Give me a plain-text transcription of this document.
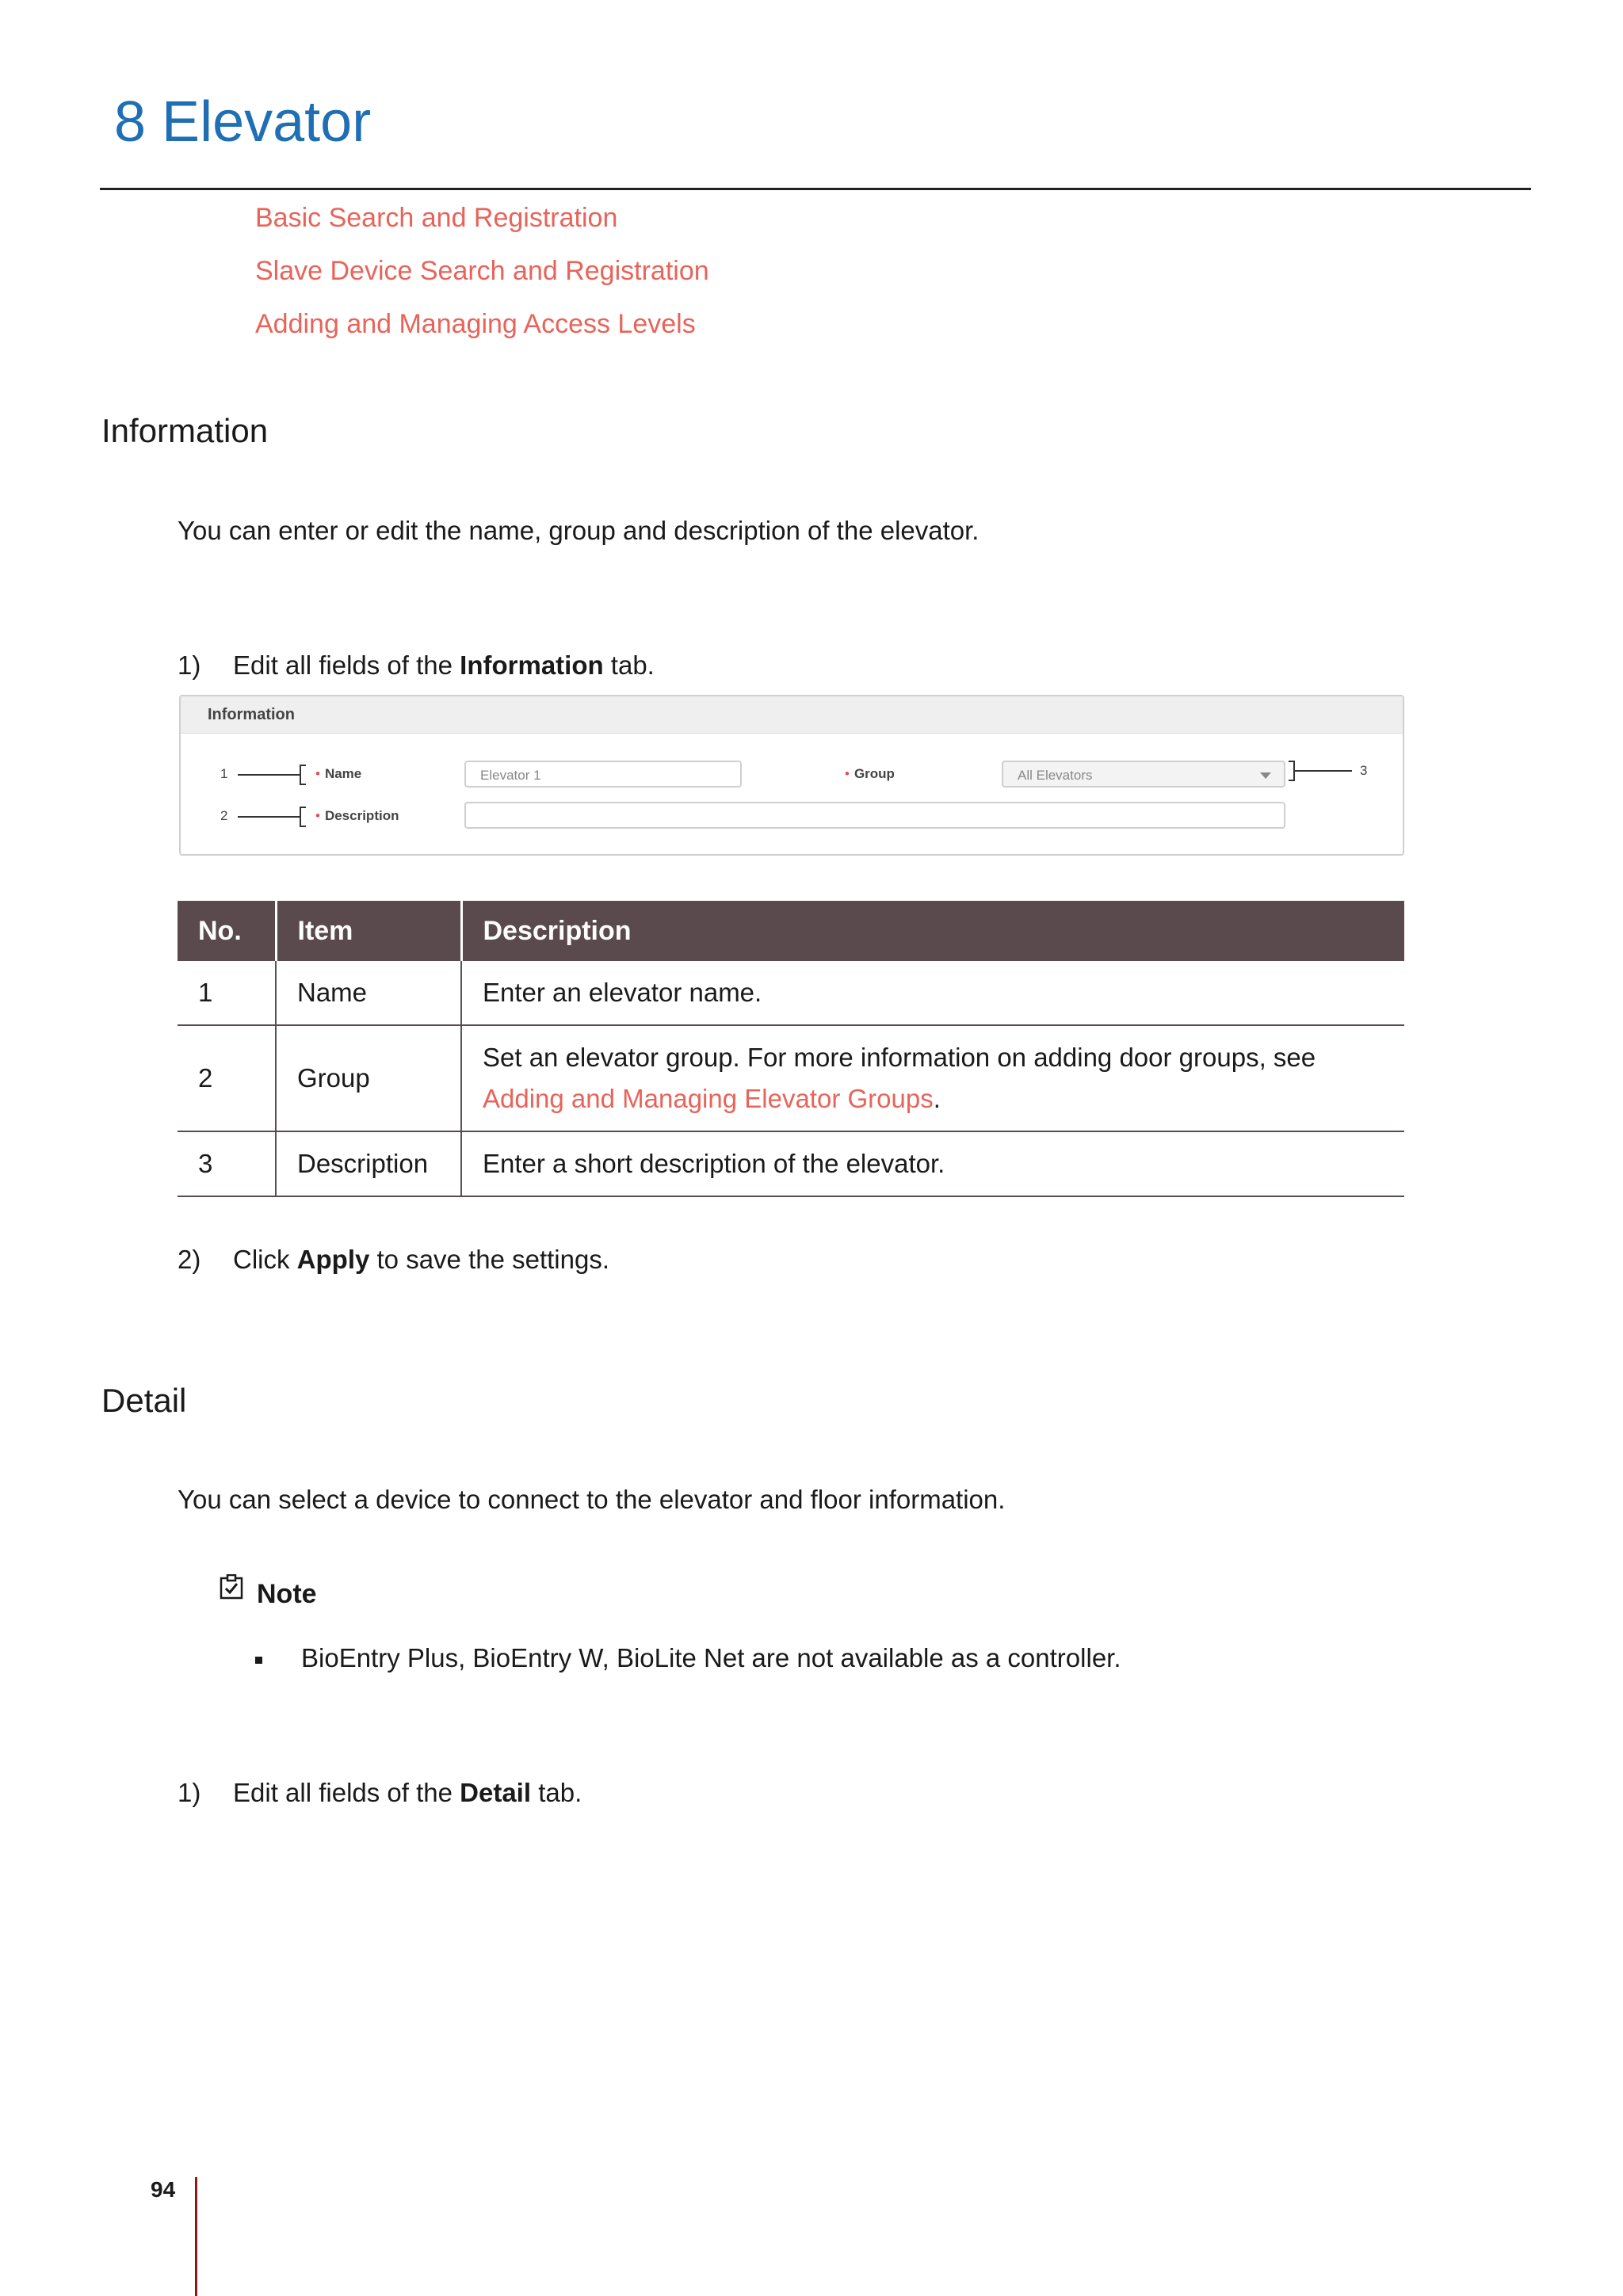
8 Elevator
Basic Search and Registration
Slave Device Search and Registration
Adding and Managing Access Levels
Information
You can enter or edit the name, group and description of the elevator.
1) Edit all fields of the Information tab.
Information
1	• Name
2	• Description
Elevator 1	• Group	All Elevators	3
No.	Item	Description
1	Name	Enter an elevator name.
2	Group	Set an elevator group. For more information on adding door groups, see
Adding and Managing Elevator Groups.
3	Description	Enter a short description of the elevator.
2) Click Apply to save the settings.
Detail
You can select a device to connect to the elevator and floor information.
Note
BioEntry Plus, BioEntry W, BioLite Net are not available as a controller.
1) Edit all fields of the Detail tab.
94
